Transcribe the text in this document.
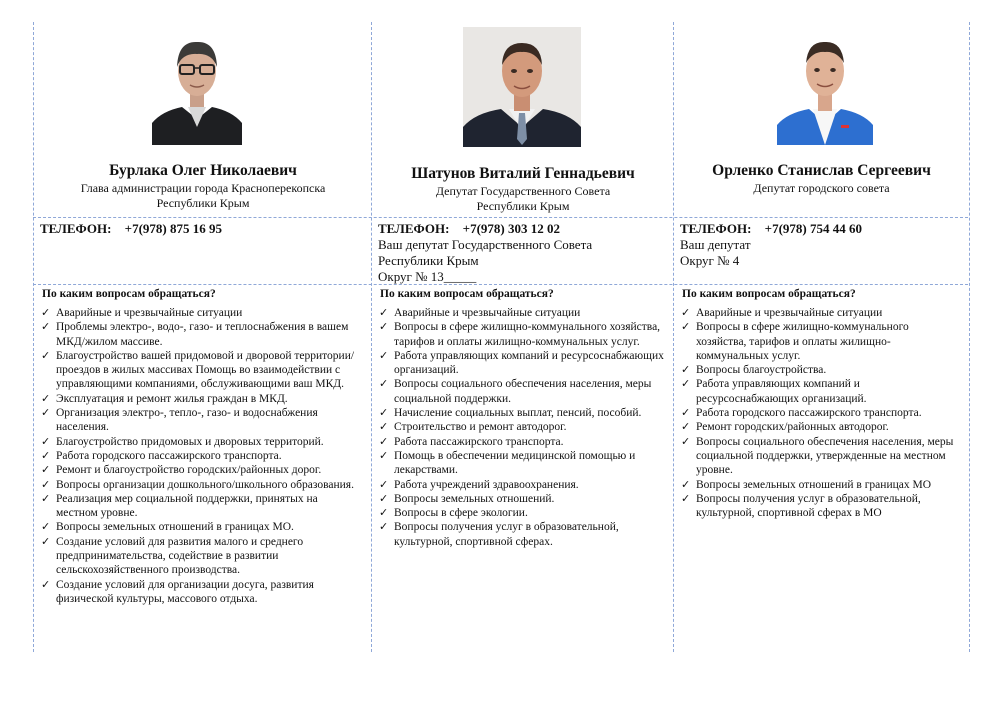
Бурлака Олег Николаевич
Глава администрации города Красноперекопска
Республики Крым
ТЕЛЕФОН: +7(978) 875 16 95
По каким вопросам обращаться?
✓ Аварийные и чрезвычайные ситуации
✓ Проблемы электро-, водо-, газо- и теплоснабжения в вашем МКД/жилом массиве.
✓ Благоустройство вашей придомовой и дворовой территории/проездов в жилых массивах Помощь во взаимодействии с управляющими компаниями, обслуживающими ваш МКД.
✓ Эксплуатация и ремонт жилья граждан в МКД.
✓ Организация электро-, тепло-, газо- и водоснабжения населения.
✓ Благоустройство придомовых и дворовых территорий.
✓ Работа городского пассажирского транспорта.
✓ Ремонт и благоустройство городских/районных дорог.
✓ Вопросы организации дошкольного/школьного образования.
✓ Реализация мер социальной поддержки, принятых на местном уровне.
✓ Вопросы земельных отношений в границах МО.
✓ Создание условий для развития малого и среднего предпринимательства, содействие в развитии сельскохозяйственного производства.
✓ Создание условий для организации досуга, развития физической культуры, массового отдыха.
Шатунов Виталий Геннадьевич
Депутат Государственного Совета
Республики Крым
ТЕЛЕФОН: +7(978) 303 12 02
Ваш депутат Государственного Совета
Республики Крым
Округ № 13_____
По каким вопросам обращаться?
✓ Аварийные и чрезвычайные ситуации
✓ Вопросы в сфере жилищно-коммунального хозяйства, тарифов и оплаты жилищно-коммунальных услуг.
✓ Работа управляющих компаний и ресурсоснабжающих организаций.
✓ Вопросы социального обеспечения населения, меры социальной поддержки.
✓ Начисление социальных выплат, пенсий, пособий.
✓ Строительство и ремонт автодорог.
✓ Работа пассажирского транспорта.
✓ Помощь в обеспечении медицинской помощью и лекарствами.
✓ Работа учреждений здравоохранения.
✓ Вопросы земельных отношений.
✓ Вопросы в сфере экологии.
✓ Вопросы получения услуг в образовательной, культурной, спортивной сферах.
Орленко Станислав Сергеевич
Депутат городского совета
ТЕЛЕФОН: +7(978) 754 44 60
Ваш депутат
Округ № 4
По каким вопросам обращаться?
✓ Аварийные и чрезвычайные ситуации
✓ Вопросы в сфере жилищно-коммунального хозяйства, тарифов и оплаты жилищно-коммунальных услуг.
✓ Вопросы благоустройства.
✓ Работа управляющих компаний и ресурсоснабжающих организаций.
✓ Работа городского пассажирского транспорта.
✓ Ремонт городских/районных автодорог.
✓ Вопросы социального обеспечения населения, меры социальной поддержки, утвержденные на местном уровне.
✓ Вопросы земельных отношений в границах МО
✓ Вопросы получения услуг в образовательной, культурной, спортивной сферах в МО
